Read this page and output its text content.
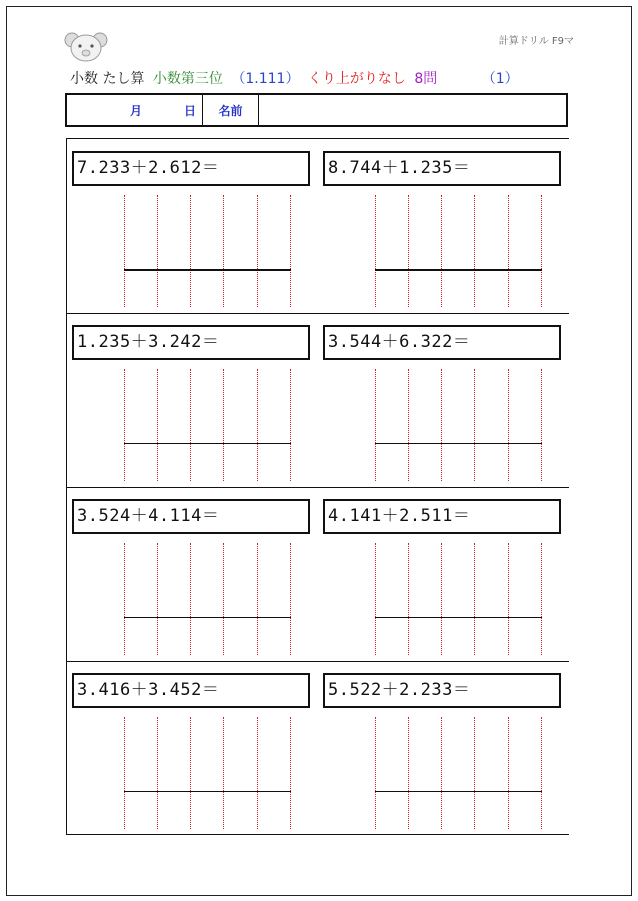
計算ドリル F9マ
小数 たし算 小数第三位 （1.111） くり上がりなし 8問	（1）
月	日	名前
7.233＋2.612＝	8.744＋1.235＝
1.235＋3.242＝	3.544＋6.322＝
3.524＋4.114＝	4.141＋2.511＝
3.416＋3.452＝	5.522＋2.233＝
